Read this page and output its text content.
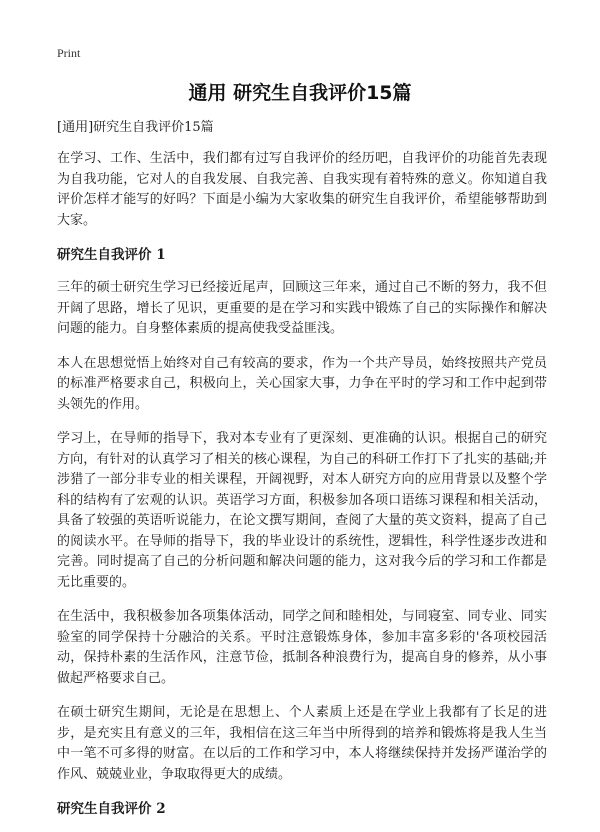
Print
通用 研究生自我评价15篇

[通用]研究生自我评价15篇

在学习、工作、生活中，我们都有过写自我评价的经历吧，自我评价的功能首先表现为自我功能，它对人的自我发展、自我完善、自我实现有着特殊的意义。你知道自我评价怎样才能写的好吗？下面是小编为大家收集的研究生自我评价，希望能够帮助到大家。

研究生自我评价 1

三年的硕士研究生学习已经接近尾声，回顾这三年来，通过自己不断的努力，我不但开阔了思路，增长了见识，更重要的是在学习和实践中锻炼了自己的实际操作和解决问题的能力。自身整体素质的提高使我受益匪浅。

本人在思想觉悟上始终对自己有较高的要求，作为一个共产导员，始终按照共产党员的标准严格要求自己，积极向上，关心国家大事，力争在平时的学习和工作中起到带头领先的作用。

学习上，在导师的指导下，我对本专业有了更深刻、更准确的认识。根据自己的研究方向，有针对的认真学习了相关的核心课程，为自己的科研工作打下了扎实的基础;并涉猎了一部分非专业的相关课程，开阔视野，对本人研究方向的应用背景以及整个学科的结构有了宏观的认识。英语学习方面，积极参加各项口语练习课程和相关活动，具备了较强的英语听说能力，在论文撰写期间，查阅了大量的英文资料，提高了自己的阅读水平。在导师的指导下，我的毕业设计的系统性，逻辑性，科学性逐步改进和完善。同时提高了自己的分析问题和解决问题的能力，这对我今后的学习和工作都是无比重要的。

在生活中，我积极参加各项集体活动，同学之间和睦相处，与同寝室、同专业、同实验室的同学保持十分融洽的关系。平时注意锻炼身体，参加丰富多彩的'各项校园活动，保持朴素的生活作风，注意节俭，抵制各种浪费行为，提高自身的修养，从小事做起严格要求自己。

在硕士研究生期间，无论是在思想上、个人素质上还是在学业上我都有了长足的进步，是充实且有意义的三年，我相信在这三年当中所得到的培养和锻炼将是我人生当中一笔不可多得的财富。在以后的工作和学习中，本人将继续保持并发扬严谨治学的作风、兢兢业业，争取取得更大的成绩。

研究生自我评价 2
